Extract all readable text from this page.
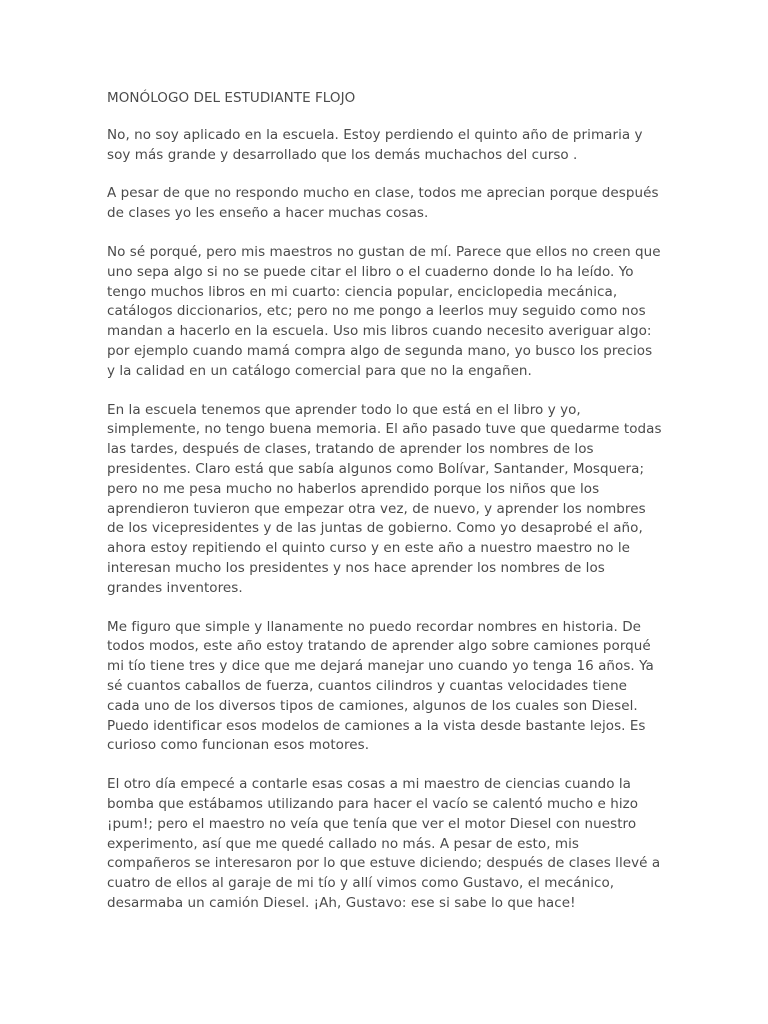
MONÓLOGO DEL ESTUDIANTE FLOJO

No, no soy aplicado en la escuela. Estoy perdiendo el quinto año de primaria y soy más grande y desarrollado que los demás muchachos del curso .

A pesar de que no respondo mucho en clase, todos me aprecian porque después de clases yo les enseño a hacer muchas cosas.

No sé porqué, pero mis maestros no gustan de mí. Parece que ellos no creen que uno sepa algo si no se puede citar el libro o el cuaderno donde lo ha leído. Yo tengo muchos libros en mi cuarto: ciencia popular, enciclopedia mecánica, catálogos diccionarios, etc; pero no me pongo a leerlos muy seguido como nos mandan a hacerlo en la escuela. Uso mis libros cuando necesito averiguar algo: por ejemplo cuando mamá compra algo de segunda mano, yo busco los precios y la calidad en un catálogo comercial para que no la engañen.

En la escuela tenemos que aprender todo lo que está en el libro y yo, simplemente, no tengo buena memoria. El año pasado tuve que quedarme todas las tardes, después de clases, tratando de aprender los nombres de los presidentes. Claro está que sabía algunos como Bolívar, Santander, Mosquera; pero no me pesa mucho no haberlos aprendido porque los niños que los aprendieron tuvieron que empezar otra vez, de nuevo, y aprender los nombres de los vicepresidentes y de las juntas de gobierno. Como yo desaprobé el año, ahora estoy repitiendo el quinto curso y en este año a nuestro maestro no le interesan mucho los presidentes y nos hace aprender los nombres de los grandes inventores.

Me figuro que simple y llanamente no puedo recordar nombres en historia. De todos modos, este año estoy tratando de aprender algo sobre camiones porqué mi tío tiene tres y dice que me dejará manejar uno cuando yo tenga 16 años. Ya sé cuantos caballos de fuerza, cuantos cilindros y cuantas velocidades tiene cada uno de los diversos tipos de camiones, algunos de los cuales son Diesel. Puedo identificar esos modelos de camiones a la vista desde bastante lejos. Es curioso como funcionan esos motores.

El otro día empecé a contarle esas cosas a mi maestro de ciencias cuando la bomba que estábamos utilizando para hacer el vacío se calentó mucho e hizo ¡pum!; pero el maestro no veía que tenía que ver el motor Diesel con nuestro experimento, así que me quedé callado no más. A pesar de esto, mis compañeros se interesaron por lo que estuve diciendo; después de clases llevé a cuatro de ellos al garaje de mi tío y allí vimos como Gustavo, el mecánico, desarmaba un camión Diesel. ¡Ah, Gustavo: ese si sabe lo que hace!
